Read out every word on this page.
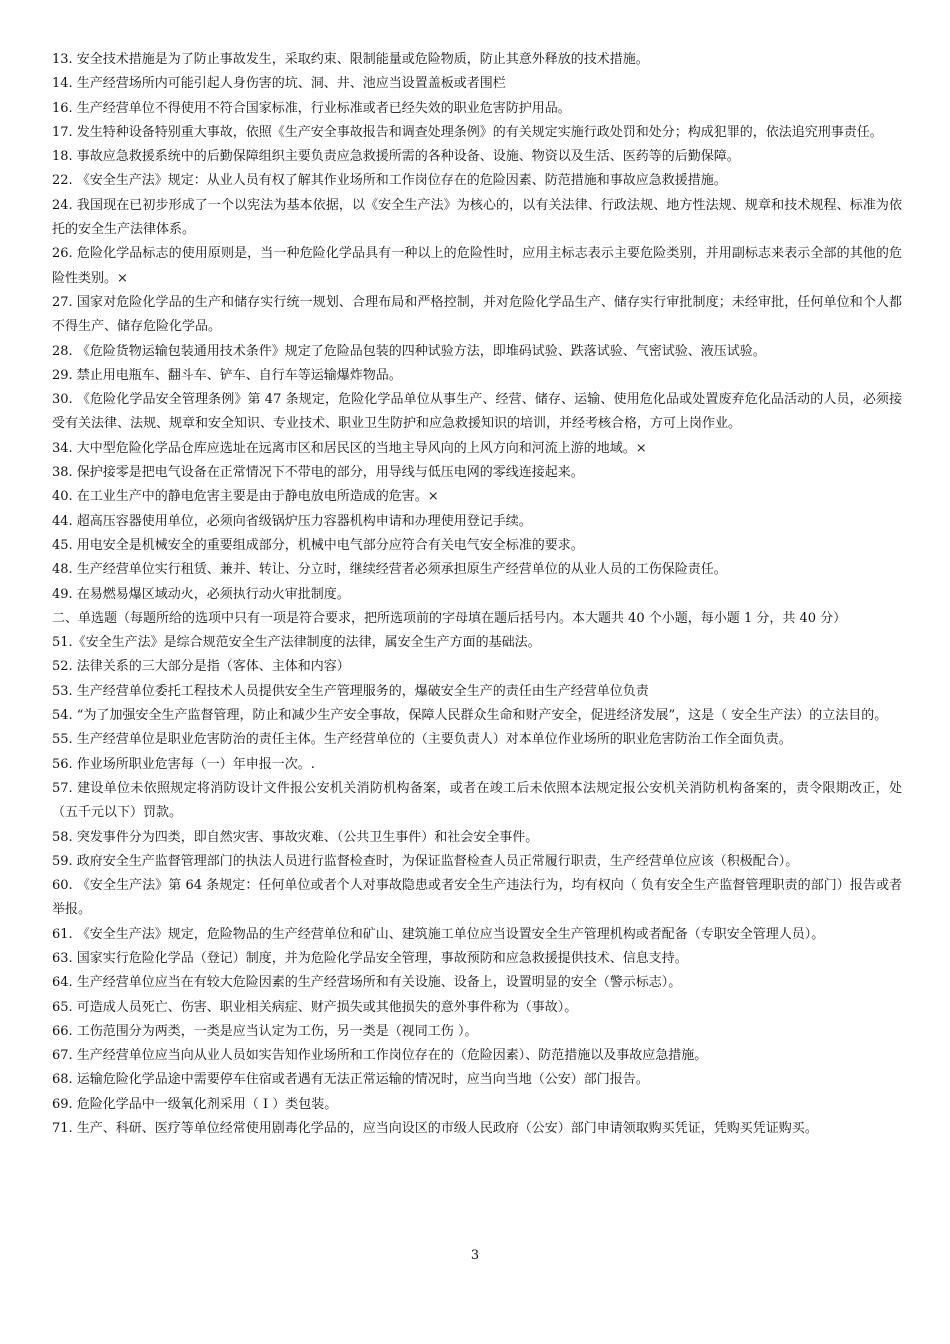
13. 安全技术措施是为了防止事故发生，采取约束、限制能量或危险物质，防止其意外释放的技术措施。

14. 生产经营场所内可能引起人身伤害的坑、洞、井、池应当设置盖板或者围栏

16. 生产经营单位不得使用不符合国家标准，行业标准或者已经失效的职业危害防护用品。

17. 发生特种设备特别重大事故，依照《生产安全事故报告和调查处理条例》的有关规定实施行政处罚和处分；构成犯罪的，依法追究刑事责任。

18. 事故应急救援系统中的后勤保障组织主要负责应急救援所需的各种设备、设施、物资以及生活、医药等的后勤保障。

22. 《安全生产法》规定：从业人员有权了解其作业场所和工作岗位存在的危险因素、防范措施和事故应急救援措施。

24. 我国现在已初步形成了一个以宪法为基本依据，以《安全生产法》为核心的，以有关法律、行政法规、地方性法规、规章和技术规程、标准为依托的安全生产法律体系。

26. 危险化学品标志的使用原则是，当一种危险化学品具有一种以上的危险性时，应用主标志表示主要危险类别，并用副标志来表示全部的其他的危险性类别。×

27. 国家对危险化学品的生产和储存实行统一规划、合理布局和严格控制，并对危险化学品生产、储存实行审批制度；未经审批，任何单位和个人都不得生产、储存危险化学品。

28. 《危险货物运输包装通用技术条件》规定了危险品包装的四种试验方法，即堆码试验、跌落试验、气密试验、液压试验。

29. 禁止用电瓶车、翻斗车、铲车、自行车等运输爆炸物品。

30. 《危险化学品安全管理条例》第 47 条规定，危险化学品单位从事生产、经营、储存、运输、使用危化品或处置废弃危化品活动的人员，必须接受有关法律、法规、规章和安全知识、专业技术、职业卫生防护和应急救援知识的培训，并经考核合格，方可上岗作业。

34. 大中型危险化学品仓库应选址在远离市区和居民区的当地主导风向的上风方向和河流上游的地域。×

38. 保护接零是把电气设备在正常情况下不带电的部分，用导线与低压电网的零线连接起来。

40. 在工业生产中的静电危害主要是由于静电放电所造成的危害。×

44. 超高压容器使用单位，必须向省级锅炉压力容器机构申请和办理使用登记手续。

45. 用电安全是机械安全的重要组成部分，机械中电气部分应符合有关电气安全标准的要求。

48. 生产经营单位实行租赁、兼并、转让、分立时，继续经营者必须承担原生产经营单位的从业人员的工伤保险责任。

49. 在易燃易爆区域动火，必须执行动火审批制度。

二、单选题（每题所给的选项中只有一项是符合要求，把所选项前的字母填在题后括号内。本大题共 40 个小题，每小题 1 分，共 40 分）

51.《安全生产法》是综合规范安全生产法律制度的法律，属安全生产方面的基础法。

52. 法律关系的三大部分是指（客体、主体和内容）

53. 生产经营单位委托工程技术人员提供安全生产管理服务的，爆破安全生产的责任由生产经营单位负责

54. “为了加强安全生产监督管理，防止和减少生产安全事故，保障人民群众生命和财产安全，促进经济发展”，这是（ 安全生产法）的立法目的。

55. 生产经营单位是职业危害防治的责任主体。生产经营单位的（主要负责人）对本单位作业场所的职业危害防治工作全面负责。

56. 作业场所职业危害每（一）年申报一次。.

57. 建设单位未依照规定将消防设计文件报公安机关消防机构备案，或者在竣工后未依照本法规定报公安机关消防机构备案的，责令限期改正，处（五千元以下）罚款。

58. 突发事件分为四类，即自然灾害、事故灾难、（公共卫生事件）和社会安全事件。

59. 政府安全生产监督管理部门的执法人员进行监督检查时，为保证监督检查人员正常履行职责，生产经营单位应该（积极配合）。

60. 《安全生产法》第 64 条规定：任何单位或者个人对事故隐患或者安全生产违法行为，均有权向（ 负有安全生产监督管理职责的部门）报告或者举报。

61. 《安全生产法》规定，危险物品的生产经营单位和矿山、建筑施工单位应当设置安全生产管理机构或者配备（专职安全管理人员）。

63. 国家实行危险化学品（登记）制度，并为危险化学品安全管理，事故预防和应急救援提供技术、信息支持。

64. 生产经营单位应当在有较大危险因素的生产经营场所和有关设施、设备上，设置明显的安全（警示标志）。

65. 可造成人员死亡、伤害、职业相关病症、财产损失或其他损失的意外事件称为（事故）。

66. 工伤范围分为两类，一类是应当认定为工伤，另一类是（视同工伤 ）。

67. 生产经营单位应当向从业人员如实告知作业场所和工作岗位存在的（危险因素）、防范措施以及事故应急措施。

68. 运输危险化学品途中需要停车住宿或者遇有无法正常运输的情况时，应当向当地（公安）部门报告。

69. 危险化学品中一级氧化剂采用（ Ⅰ ）类包装。

71. 生产、科研、医疗等单位经常使用剧毒化学品的，应当向设区的市级人民政府（公安）部门申请领取购买凭证，凭购买凭证购买。

3
